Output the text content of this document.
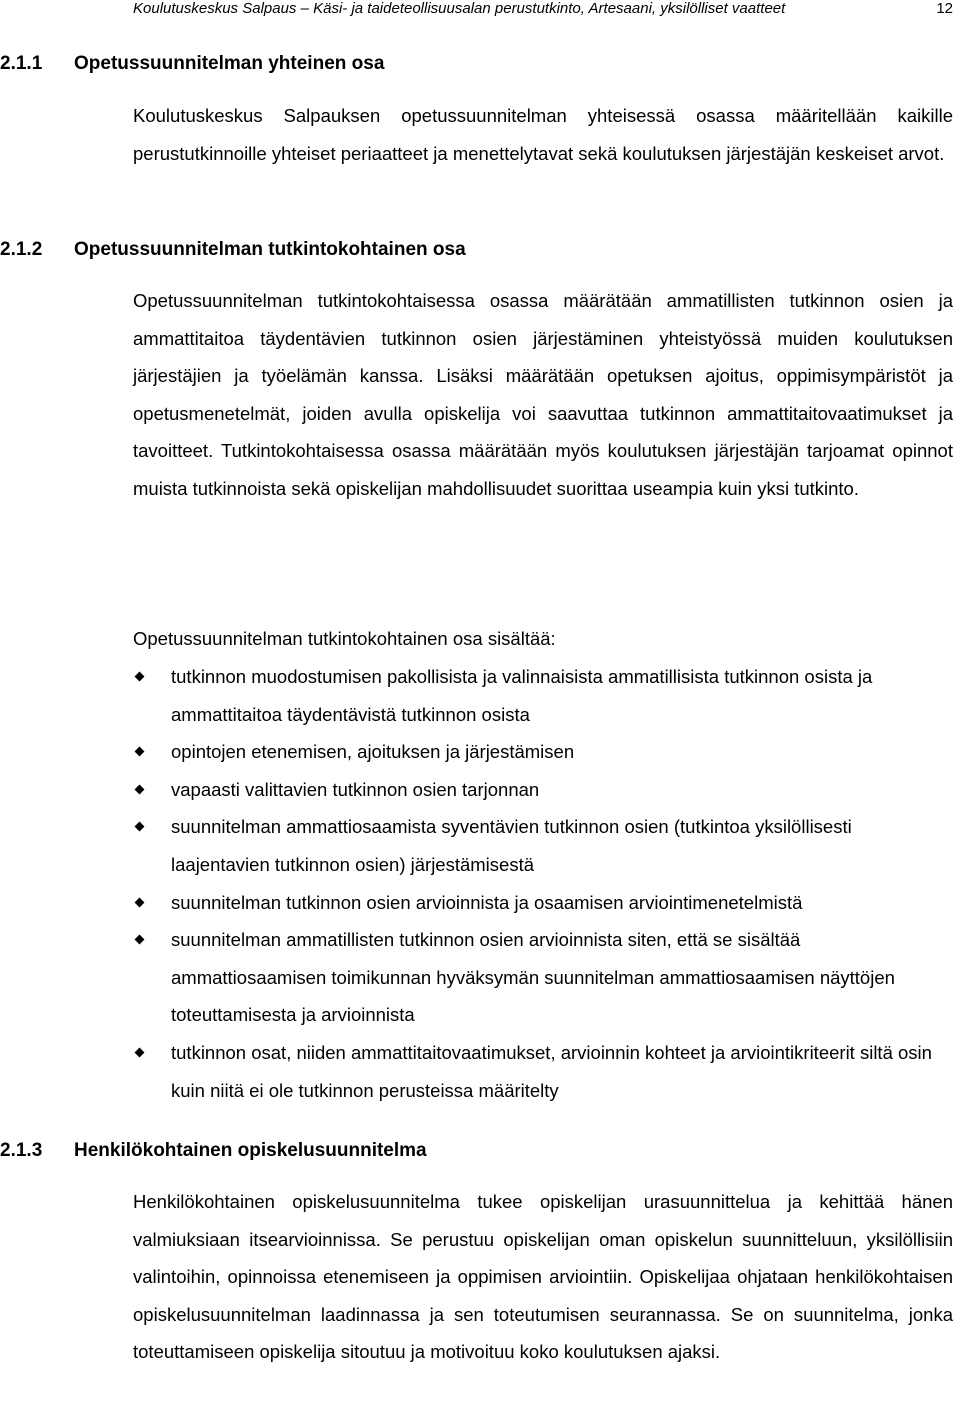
Koulutuskeskus Salpaus – Käsi- ja taideteollisuusalan perustutkinto, Artesaani, yksilölliset vaatteet	12
2.1.1 Opetussuunnitelman yhteinen osa

Koulutuskeskus Salpauksen opetussuunnitelman yhteisessä osassa määritellään kaikille perustutkinnoille yhteiset periaatteet ja menettelytavat sekä koulutuksen järjestäjän keskeiset arvot.

2.1.2 Opetussuunnitelman tutkintokohtainen osa

Opetussuunnitelman tutkintokohtaisessa osassa määrätään ammatillisten tutkinnon osien ja ammattitaitoa täydentävien tutkinnon osien järjestäminen yhteistyössä muiden koulutuksen järjestäjien ja työelämän kanssa. Lisäksi määrätään opetuksen ajoitus, oppimisympäristöt ja opetusmenetelmät, joiden avulla opiskelija voi saavuttaa tutkinnon ammattitaitovaatimukset ja tavoitteet. Tutkintokohtaisessa osassa määrätään myös koulutuksen järjestäjän tarjoamat opinnot muista tutkinnoista sekä opiskelijan mahdollisuudet suorittaa useampia kuin yksi tutkinto.

Opetussuunnitelman tutkintokohtainen osa sisältää:

tutkinnon muodostumisen pakollisista ja valinnaisista ammatillisista tutkinnon osista ja ammattitaitoa täydentävistä tutkinnon osista
opintojen etenemisen, ajoituksen ja järjestämisen
vapaasti valittavien tutkinnon osien tarjonnan
suunnitelman ammattiosaamista syventävien tutkinnon osien (tutkintoa yksilöllisesti laajentavien tutkinnon osien) järjestämisestä
suunnitelman tutkinnon osien arvioinnista ja osaamisen arviointimenetelmistä
suunnitelman ammatillisten tutkinnon osien arvioinnista siten, että se sisältää ammattiosaamisen toimikunnan hyväksymän suunnitelman ammattiosaamisen näyttöjen toteuttamisesta ja arvioinnista
tutkinnon osat, niiden ammattitaitovaatimukset, arvioinnin kohteet ja arviointikriteerit siltä osin kuin niitä ei ole tutkinnon perusteissa määritelty
2.1.3 Henkilökohtainen opiskelusuunnitelma

Henkilökohtainen opiskelusuunnitelma tukee opiskelijan urasuunnittelua ja kehittää hänen valmiuksiaan itsearvioinnissa. Se perustuu opiskelijan oman opiskelun suunnitteluun, yksilöllisiin valintoihin, opinnoissa etenemiseen ja oppimisen arviointiin. Opiskelijaa ohjataan henkilökohtaisen opiskelusuunnitelman laadinnassa ja sen toteutumisen seurannassa. Se on suunnitelma, jonka toteuttamiseen opiskelija sitoutuu ja motivoituu koko koulutuksen ajaksi.
